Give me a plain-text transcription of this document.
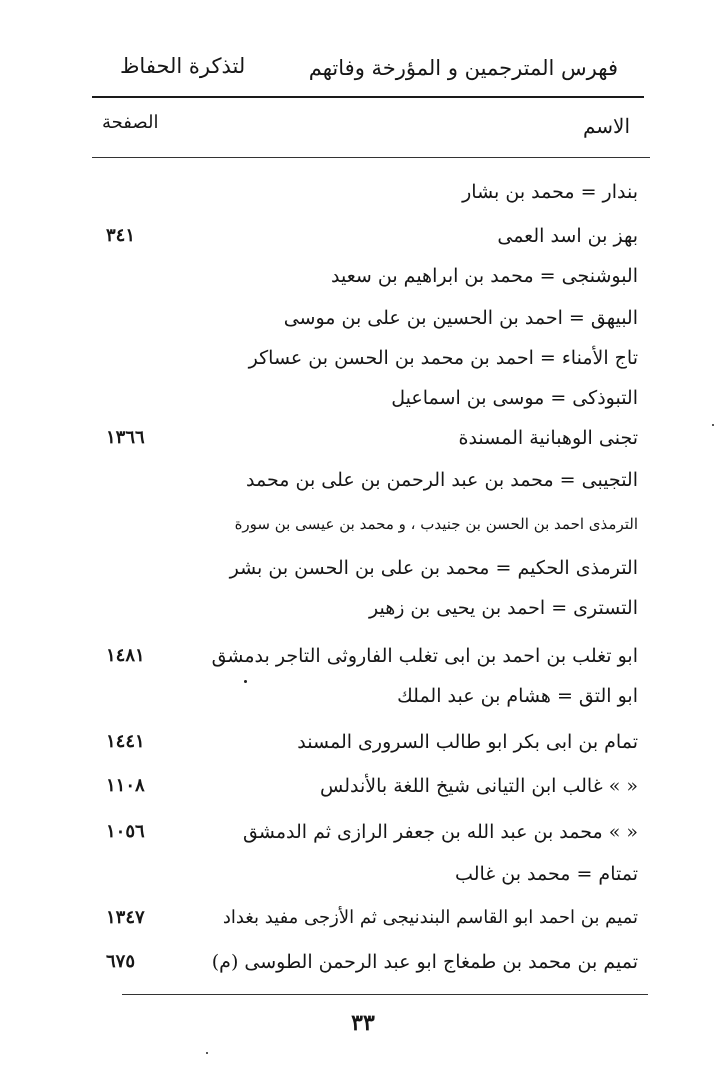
فهرس المترجمين و المؤرخة وفاتهم
لتذكرة الحفاظ
الاسم
الصفحة
بندار = محمد بن بشار
بهز بن اسد العمى
٣٤١
البوشنجى = محمد بن ابراهيم بن سعيد
البيهق = احمد بن الحسين بن على بن موسى
تاج الأمناء = احمد بن محمد بن الحسن بن عساكر
التبوذكى = موسى بن اسماعيل
تجنى الوهبانية المسندة
١٣٦٦
التجيبى = محمد بن عبد الرحمن بن على بن محمد
الترمذى احمد بن الحسن بن جنيدب ، و محمد بن عيسى بن سورة
الترمذى الحكيم = محمد بن على بن الحسن بن بشر
التسترى = احمد بن يحيى بن زهير
ابو تغلب بن احمد بن ابى تغلب الفاروثى التاجر بدمشق
١٤٨١
ابو التق = هشام بن عبد الملك
تمام بن ابى بكر ابو طالب السرورى المسند
١٤٤١
« » غالب ابن التيانى شيخ اللغة بالأندلس
١١٠٨
« » محمد بن عبد الله بن جعفر الرازى ثم الدمشق
١٠٥٦
تمتام = محمد بن غالب
تميم بن احمد ابو القاسم البندنيجى ثم الأزجى مفيد بغداد
١٣٤٧
تميم بن محمد بن طمغاج ابو عبد الرحمن الطوسى (م)
٦٧٥
٣٣
